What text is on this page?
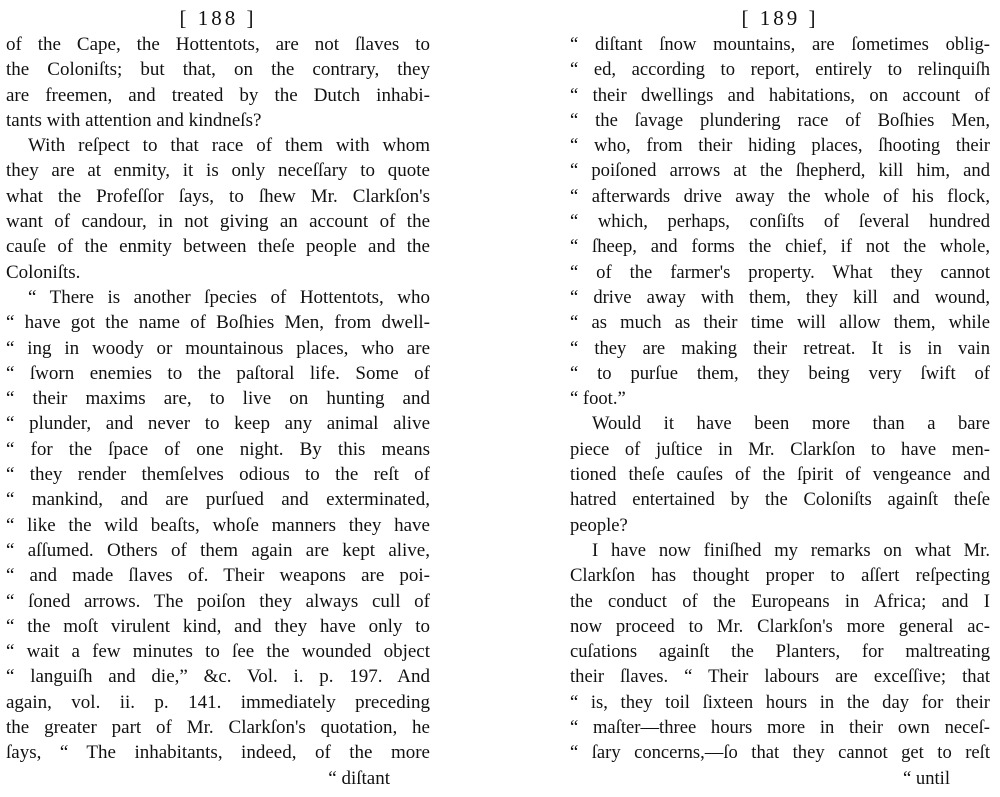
[ 188 ]
of the Cape, the Hottentots, are not ſlaves to
the Coloniſts; but that, on the contrary, they
are freemen, and treated by the Dutch inhabi-
tants with attention and kindneſs?
With reſpect to that race of them with whom
they are at enmity, it is only neceſſary to quote
what the Profeſſor ſays, to ſhew Mr. Clarkſon's
want of candour, in not giving an account of the
cauſe of the enmity between theſe people and the
Coloniſts.
“ There is another ſpecies of Hottentots, who
“ have got the name of Boſhies Men, from dwell-
“ ing in woody or mountainous places, who are
“ ſworn enemies to the paſtoral life. Some of
“ their maxims are, to live on hunting and
“ plunder, and never to keep any animal alive
“ for the ſpace of one night. By this means
“ they render themſelves odious to the reſt of
“ mankind, and are purſued and exterminated,
“ like the wild beaſts, whoſe manners they have
“ aſſumed. Others of them again are kept alive,
“ and made ſlaves of. Their weapons are poi-
“ ſoned arrows. The poiſon they always cull of
“ the moſt virulent kind, and they have only to
“ wait a few minutes to ſee the wounded object
“ languiſh and die,” &c. Vol. i. p. 197. And
again, vol. ii. p. 141. immediately preceding
the greater part of Mr. Clarkſon's quotation, he
ſays, “ The inhabitants, indeed, of the more
“ diſtant
[ 189 ]
“ diſtant ſnow mountains, are ſometimes oblig-
“ ed, according to report, entirely to relinquiſh
“ their dwellings and habitations, on account of
“ the ſavage plundering race of Boſhies Men,
“ who, from their hiding places, ſhooting their
“ poiſoned arrows at the ſhepherd, kill him, and
“ afterwards drive away the whole of his flock,
“ which, perhaps, conſiſts of ſeveral hundred
“ ſheep, and forms the chief, if not the whole,
“ of the farmer's property. What they cannot
“ drive away with them, they kill and wound,
“ as much as their time will allow them, while
“ they are making their retreat. It is in vain
“ to purſue them, they being very ſwift of
“ foot.”
Would it have been more than a bare
piece of juſtice in Mr. Clarkſon to have men-
tioned theſe cauſes of the ſpirit of vengeance and
hatred entertained by the Coloniſts againſt theſe
people?
I have now finiſhed my remarks on what Mr.
Clarkſon has thought proper to aſſert reſpecting
the conduct of the Europeans in Africa; and I
now proceed to Mr. Clarkſon's more general ac-
cuſations againſt the Planters, for maltreating
their ſlaves. “ Their labours are exceſſive; that
“ is, they toil ſixteen hours in the day for their
“ maſter—three hours more in their own neceſ-
“ ſary concerns,—ſo that they cannot get to reſt
“ until
